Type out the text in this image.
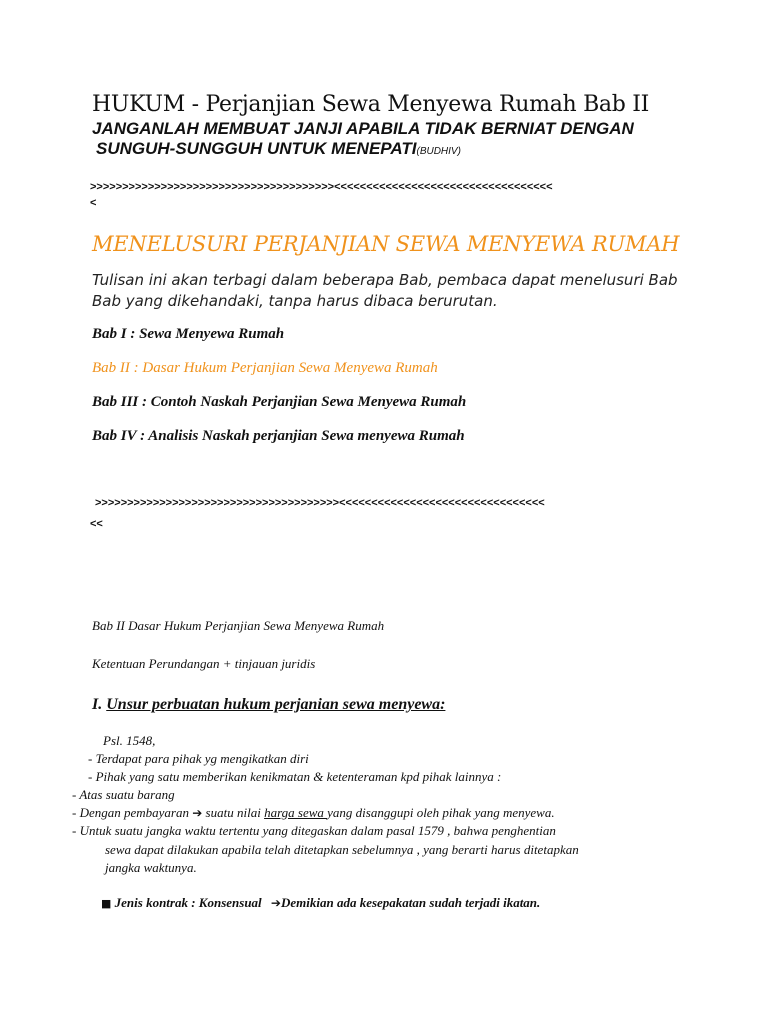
HUKUM - Perjanjian Sewa Menyewa Rumah Bab II
JANGANLAH MEMBUAT JANJI APABILA TIDAK BERNIAT DENGAN
SUNGUH-SUNGGUH UNTUK MENEPATI(BUDHIV)
>>>>>>>>>>>>>>>>>>>>>>>>>>>>>>>>>>>>>><<<<<<<<<<<<<<<<<<<<<<<<<<<<<<<<<<
<
MENELUSURI PERJANJIAN SEWA MENYEWA RUMAH
Tulisan ini akan terbagi dalam beberapa Bab, pembaca dapat menelusuri Bab
Bab yang dikehandaki, tanpa harus dibaca berurutan.
Bab I : Sewa Menyewa Rumah
Bab II : Dasar Hukum Perjanjian Sewa Menyewa Rumah
Bab III : Contoh Naskah Perjanjian Sewa Menyewa Rumah
Bab IV : Analisis Naskah perjanjian Sewa menyewa Rumah
>>>>>>>>>>>>>>>>>>>>>>>>>>>>>>>>>>>>>><<<<<<<<<<<<<<<<<<<<<<<<<<<<<<<<
<<
Bab II Dasar Hukum Perjanjian Sewa Menyewa Rumah
Ketentuan Perundangan + tinjauan juridis
I. Unsur perbuatan hukum perjanian sewa menyewa:
Psl. 1548,
- Terdapat para pihak yg mengikatkan diri
- Pihak yang satu memberikan kenikmatan & ketenteraman kpd pihak lainnya :
- Atas suatu barang
- Dengan pembayaran ➔ suatu nilai harga sewa yang disanggupi oleh pihak yang menyewa.
- Untuk suatu jangka waktu tertentu yang ditegaskan dalam pasal 1579 , bahwa penghentian
sewa dapat dilakukan apabila telah ditetapkan sebelumnya , yang berarti harus ditetapkan
jangka waktunya.
■ Jenis kontrak : Konsensual ➔Demikian ada kesepakatan sudah terjadi ikatan.
